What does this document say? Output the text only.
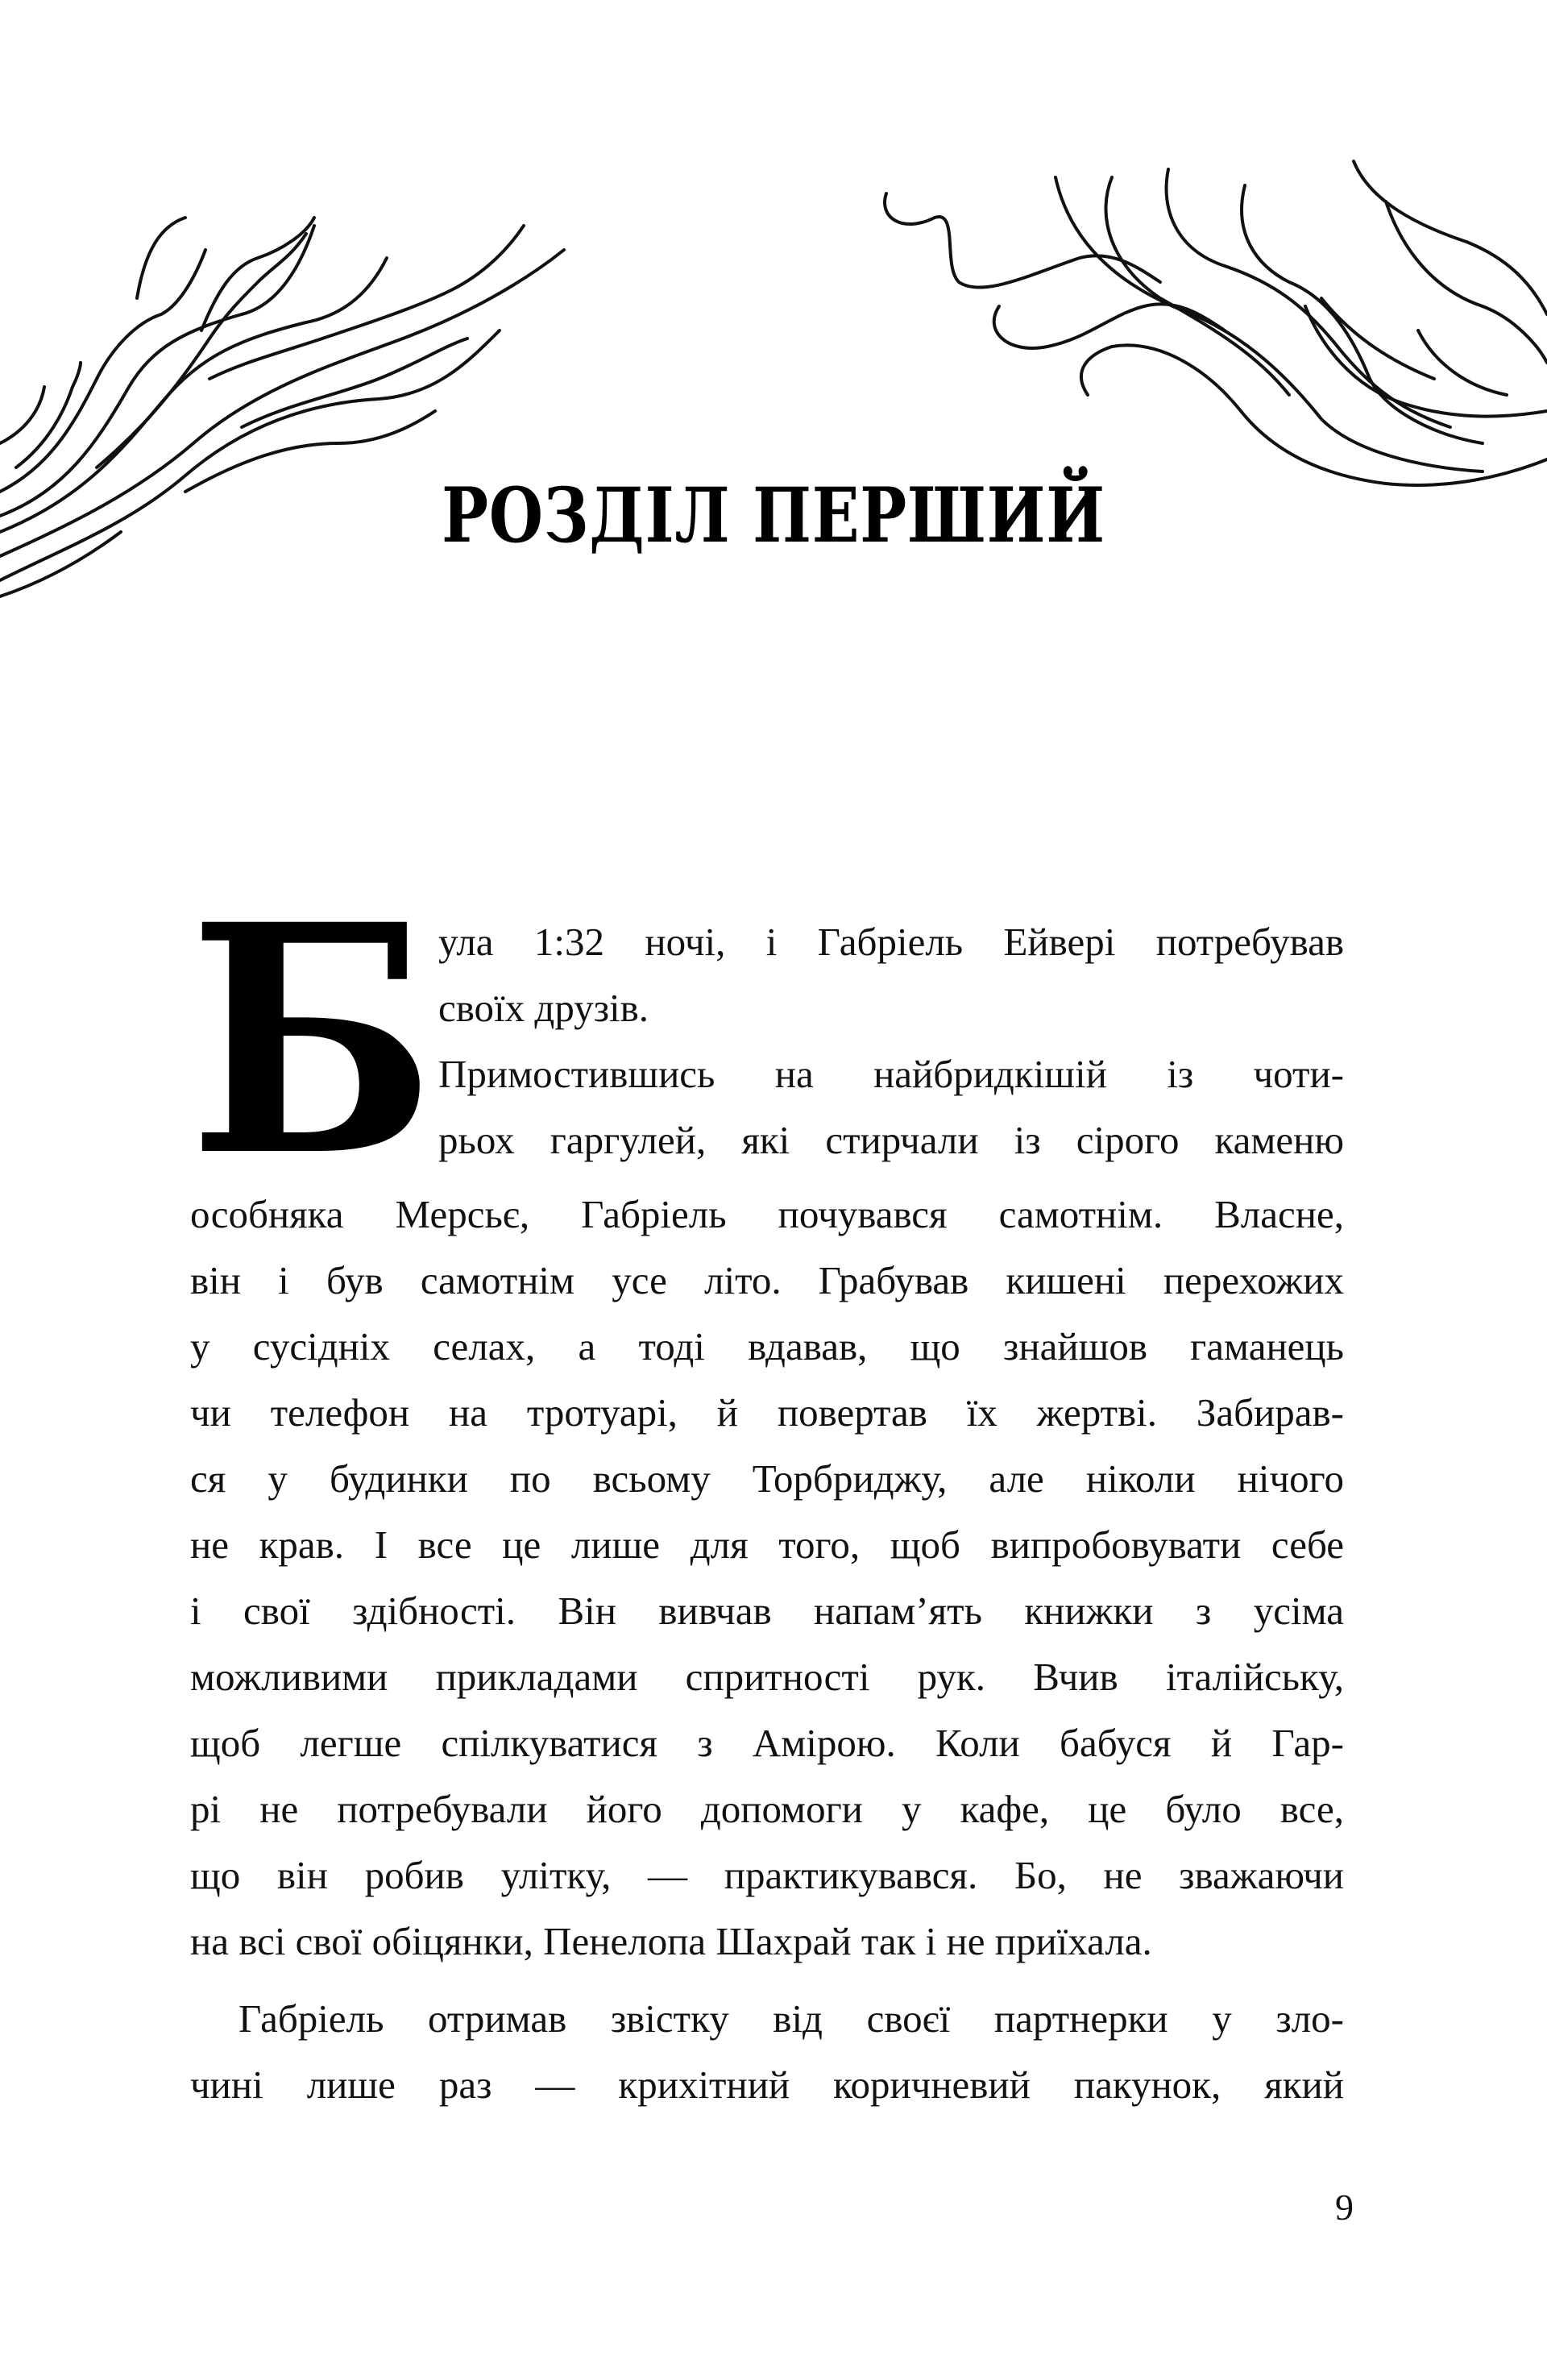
РОЗДІЛ ПЕРШИЙ
Б ула 1:32 ночі, і Габріель Ейвері потребував
своїх друзів.
Примостившись на найбридкішій із чоти-
рьох гаргулей, які стирчали із сірого каменю
особняка Мерсьє, Габріель почувався самотнім. Власне,
він і був самотнім усе літо. Грабував кишені перехожих
у сусідніх селах, а тоді вдавав, що знайшов гаманець
чи телефон на тротуарі, й повертав їх жертві. Забирав-
ся у будинки по всьому Торбриджу, але ніколи нічого
не крав. І все це лише для того, щоб випробовувати себе
і свої здібності. Він вивчав напам’ять книжки з усіма
можливими прикладами спритності рук. Вчив італійську,
щоб легше спілкуватися з Амірою. Коли бабуся й Гар-
рі не потребували його допомоги у кафе, це було все,
що він робив улітку, — практикувався. Бо, не зважаючи
на всі свої обіцянки, Пенелопа Шахрай так і не приїхала.
Габріель отримав звістку від своєї партнерки у зло-
чині лише раз — крихітний коричневий пакунок, який
9
